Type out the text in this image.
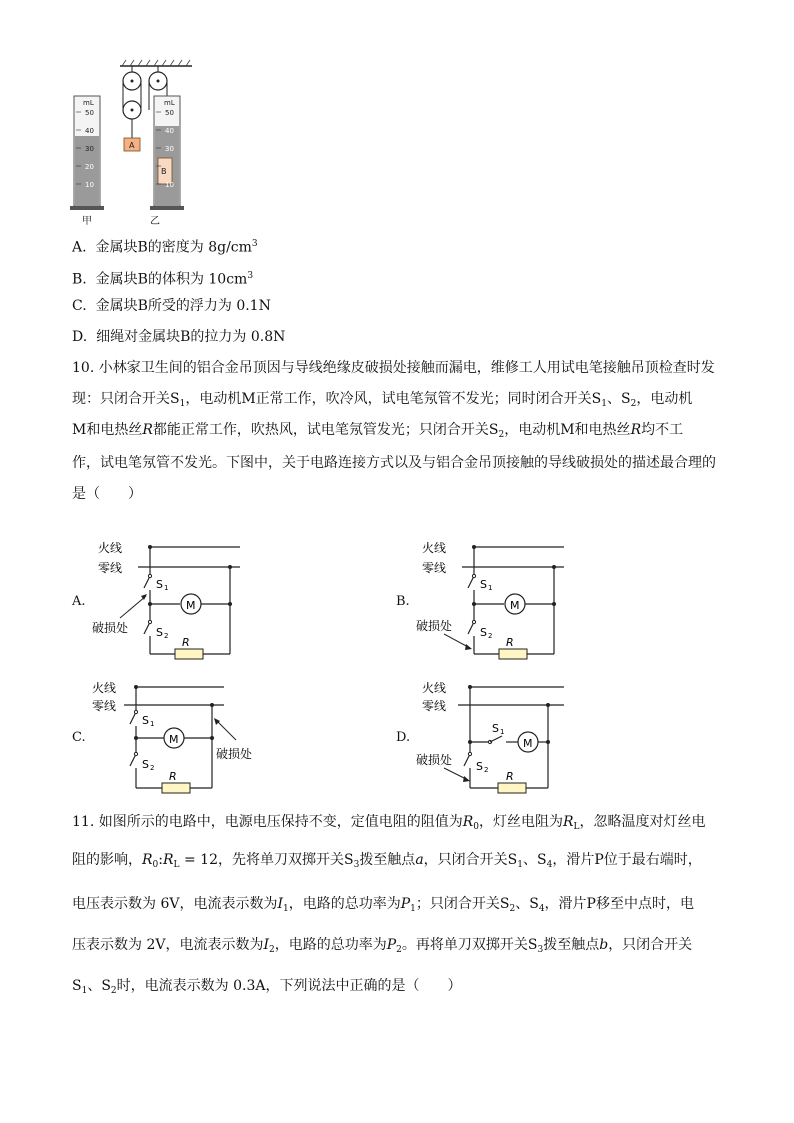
mL	mL
50
40
30
20
10
50
40
30
10
A
B
甲	乙
A. 金属块B的密度为 $8g/cm^3$
B. 金属块B的体积为 $10cm^3$
C. 金属块B所受的浮力为 0.1N
D. 细绳对金属块B的拉力为 0.8N
10. 小林家卫生间的铝合金吊顶因与导线绝缘皮破损处接触而漏电，维修工人用试电笔接触吊顶检查时发
现：只闭合开关$S_1$，电动机M正常工作，吹冷风，试电笔氖管不发光；同时闭合开关$S_1$、$S_2$，电动机
M和电热丝R都能正常工作，吹热风，试电笔氖管发光；只闭合开关$S_2$，电动机M和电热丝R均不工
作，试电笔氖管不发光。下图中，关于电路连接方式以及与铝合金吊顶接触的导线破损处的描述最合理的
是（　　）
A.
火线
零线
M
S 1
S 2 R
破损处
B.
火线
零线
M
S 1
S 2 R
破损处
C.
火线
零线
M
S 1
S 2
R
破损处
D.
火线
零线
M
S 1
S 2 R
破损处
11. 如图所示的电路中，电源电压保持不变，定值电阻的阻值为$R_0$，灯丝电阻为$R_L$，忽略温度对灯丝电
阻的影响，$R_0:R_L = 12$，先将单刀双掷开关$S_3$拨至触点a，只闭合开关$S_1$、$S_4$，滑片P位于最右端时，
电压表示数为 6V，电流表示数为$I_1$，电路的总功率为$P_1$；只闭合开关$S_2$、$S_4$，滑片P移至中点时，电
压表示数为 2V，电流表示数为$I_2$，电路的总功率为$P_2$。再将单刀双掷开关$S_3$拨至触点b，只闭合开关
$S_1$、$S_2$时，电流表示数为 0.3A，下列说法中正确的是（　　）
